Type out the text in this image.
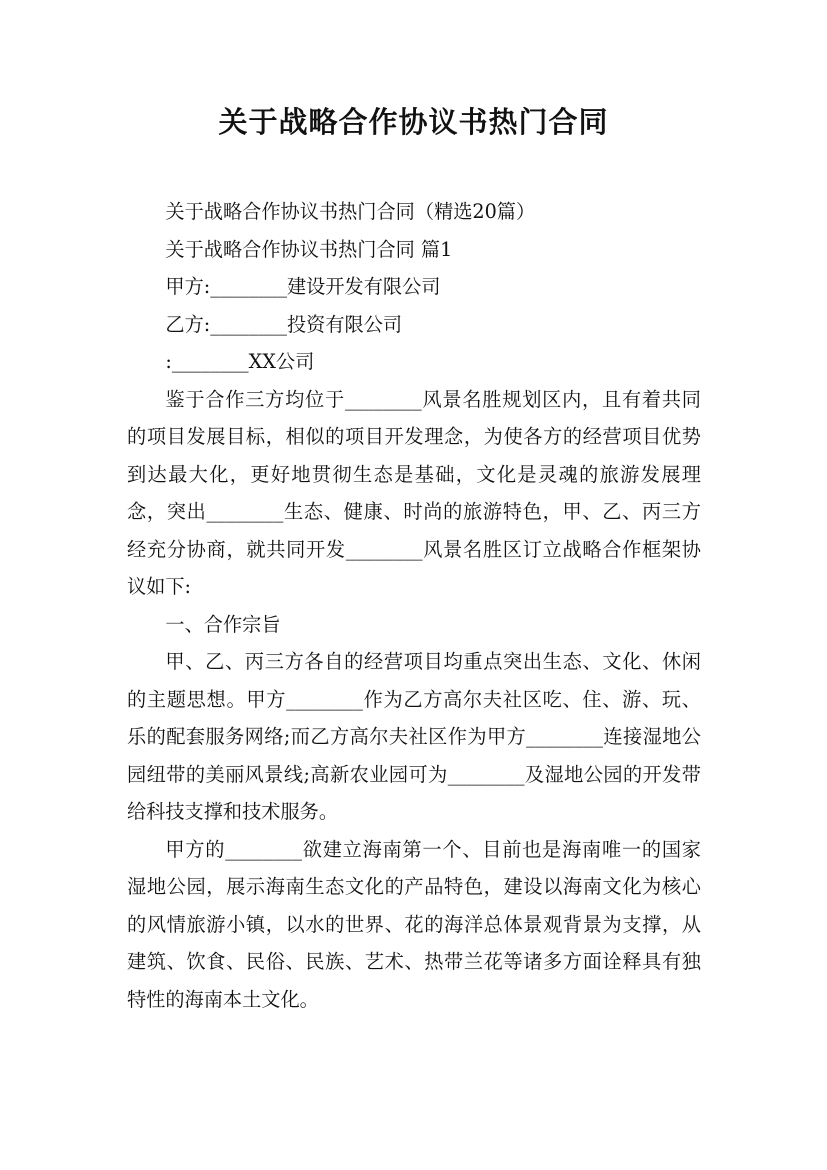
关于战略合作协议书热门合同

关于战略合作协议书热门合同（精选20篇）

关于战略合作协议书热门合同 篇1

甲方:________建设开发有限公司

乙方:________投资有限公司

:________XX公司

鉴于合作三方均位于________风景名胜规划区内，且有着共同的项目发展目标，相似的项目开发理念，为使各方的经营项目优势到达最大化，更好地贯彻生态是基础，文化是灵魂的旅游发展理念，突出________生态、健康、时尚的旅游特色，甲、乙、丙三方经充分协商，就共同开发________风景名胜区订立战略合作框架协议如下:

一、合作宗旨

甲、乙、丙三方各自的经营项目均重点突出生态、文化、休闲的主题思想。甲方________作为乙方高尔夫社区吃、住、游、玩、乐的配套服务网络;而乙方高尔夫社区作为甲方________连接湿地公园纽带的美丽风景线;高新农业园可为________及湿地公园的开发带给科技支撑和技术服务。

甲方的________欲建立海南第一个、目前也是海南唯一的国家湿地公园，展示海南生态文化的产品特色，建设以海南文化为核心的风情旅游小镇，以水的世界、花的海洋总体景观背景为支撑，从建筑、饮食、民俗、民族、艺术、热带兰花等诸多方面诠释具有独特性的海南本土文化。
